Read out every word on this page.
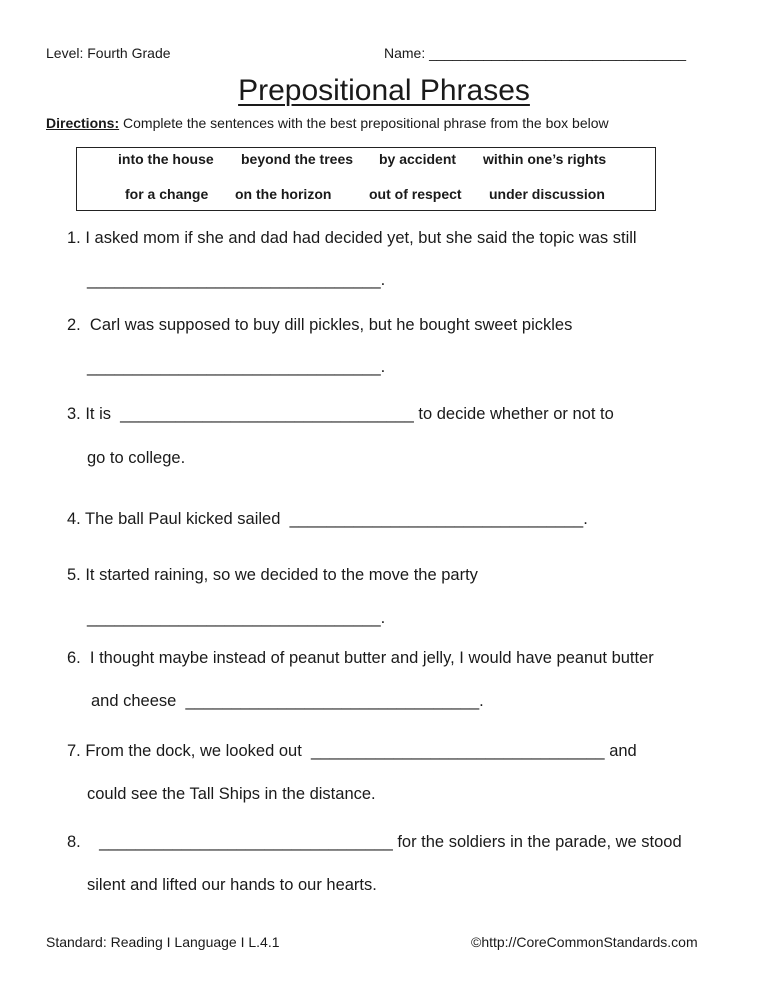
Level: Fourth Grade	Name: _________________________________
Prepositional Phrases
Directions: Complete the sentences with the best prepositional phrase from the box below
into the house beyond the trees by accident within one’s rights
for a change on the horizon	out of respect under discussion
1. I asked mom if she and dad had decided yet, but she said the topic was still
________________________________.
2.  Carl was supposed to buy dill pickles, but he bought sweet pickles
________________________________.
3. It is  ________________________________ to decide whether or not to
go to college.
4. The ball Paul kicked sailed  ________________________________.
5. It started raining, so we decided to the move the party
________________________________.
6.  I thought maybe instead of peanut butter and jelly, I would have peanut butter
and cheese  ________________________________.
7. From the dock, we looked out  ________________________________ and
could see the Tall Ships in the distance.
8.    ________________________________ for the soldiers in the parade, we stood
silent and lifted our hands to our hearts.
Standard: Reading I Language I L.4.1	©http://CoreCommonStandards.com
